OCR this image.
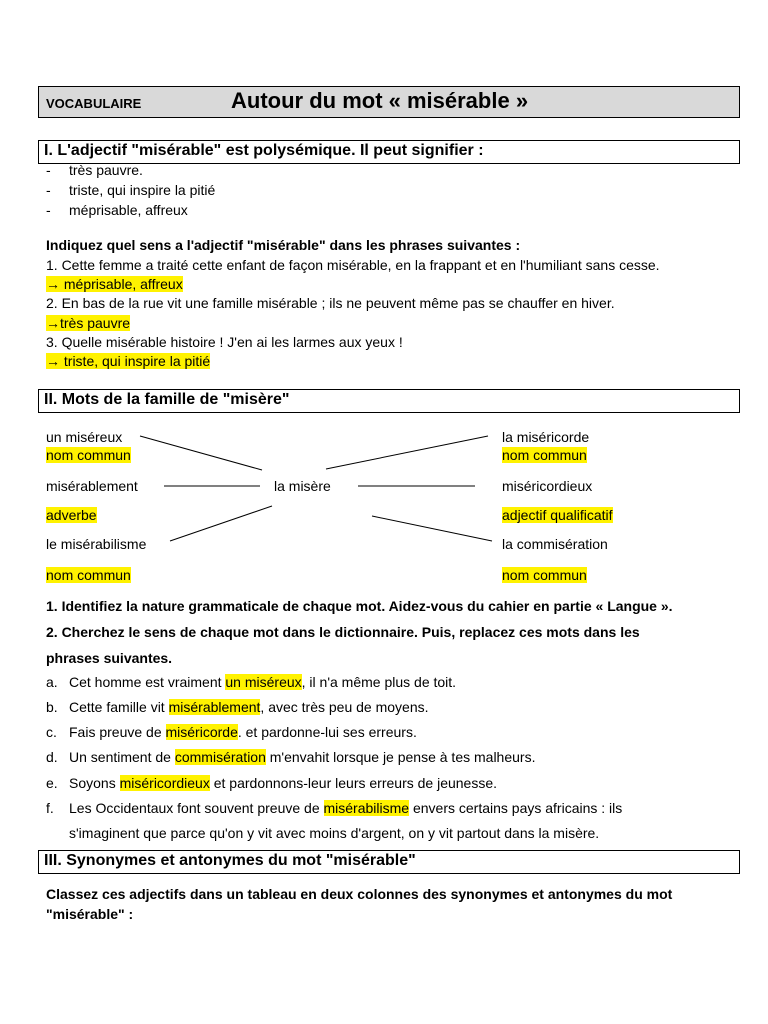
VOCABULAIRE	Autour du mot « misérable »
I. L'adjectif "misérable" est polysémique. Il peut signifier :
- très pauvre.
- triste, qui inspire la pitié
- méprisable, affreux
Indiquez quel sens a l'adjectif "misérable" dans les phrases suivantes :
1. Cette femme a traité cette enfant de façon misérable, en la frappant et en l'humiliant sans cesse.
→ méprisable, affreux
2. En bas de la rue vit une famille misérable ; ils ne peuvent même pas se chauffer en hiver.
→très pauvre
3. Quelle misérable histoire ! J'en ai les larmes aux yeux !
→ triste, qui inspire la pitié
II. Mots de la famille de "misère"
un miséreux
nom commun
misérablement
adverbe
le misérabilisme
nom commun
la misère
la miséricorde
nom commun
miséricordieux
adjectif qualificatif
la commisération
nom commun
1. Identifiez la nature grammaticale de chaque mot. Aidez-vous du cahier en partie « Langue ».
2. Cherchez le sens de chaque mot dans le dictionnaire. Puis, replacez ces mots dans les
phrases suivantes.
a. Cet homme est vraiment un miséreux, il n'a même plus de toit.
b. Cette famille vit misérablement, avec très peu de moyens.
c. Fais preuve de miséricorde. et pardonne-lui ses erreurs.
d. Un sentiment de commisération m'envahit lorsque je pense à tes malheurs.
e. Soyons miséricordieux et pardonnons-leur leurs erreurs de jeunesse.
f. Les Occidentaux font souvent preuve de misérabilisme envers certains pays africains : ils
s'imaginent que parce qu'on y vit avec moins d'argent, on y vit partout dans la misère.
III. Synonymes et antonymes du mot "misérable"
Classez ces adjectifs dans un tableau en deux colonnes des synonymes et antonymes du mot
"misérable" :
